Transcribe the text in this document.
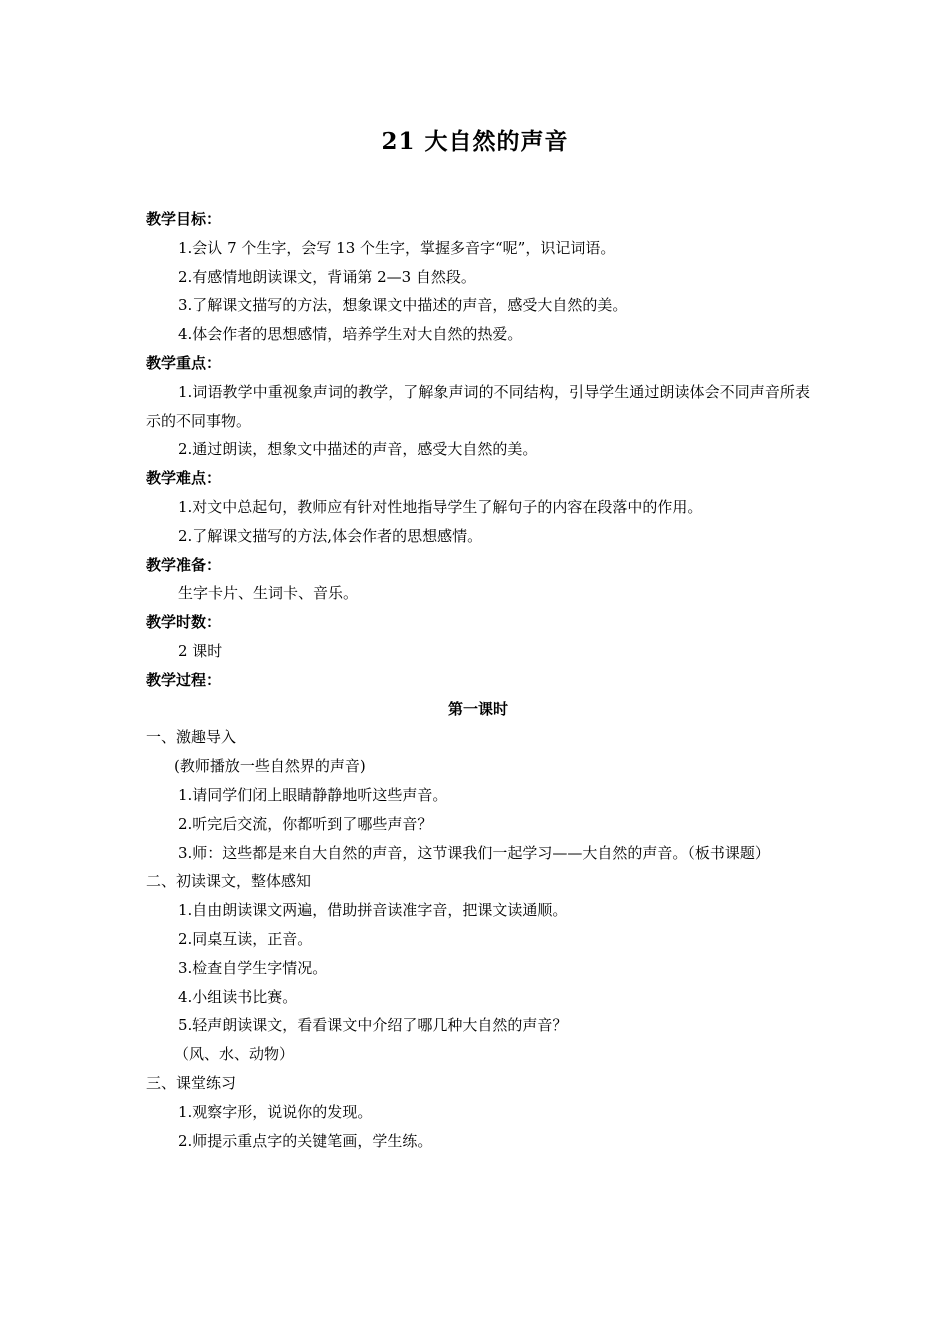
21 大自然的声音
教学目标：
1.会认 7 个生字，会写 13 个生字，掌握多音字“呢”，识记词语。
2.有感情地朗读课文，背诵第 2—3 自然段。
3.了解课文描写的方法，想象课文中描述的声音，感受大自然的美。
4.体会作者的思想感情，培养学生对大自然的热爱。
教学重点：
1.词语教学中重视象声词的教学，了解象声词的不同结构，引导学生通过朗读体会不同声音所表示的不同事物。
2.通过朗读，想象文中描述的声音，感受大自然的美。
教学难点：
1.对文中总起句，教师应有针对性地指导学生了解句子的内容在段落中的作用。
2.了解课文描写的方法,体会作者的思想感情。
教学准备：
生字卡片、生词卡、音乐。
教学时数：
2 课时
教学过程：
第一课时
一、激趣导入
(教师播放一些自然界的声音)
1.请同学们闭上眼睛静静地听这些声音。
2.听完后交流，你都听到了哪些声音？
3.师：这些都是来自大自然的声音，这节课我们一起学习——大自然的声音。（板书课题）
二、初读课文，整体感知
1.自由朗读课文两遍，借助拼音读准字音，把课文读通顺。
2.同桌互读，正音。
3.检查自学生字情况。
4.小组读书比赛。
5.轻声朗读课文，看看课文中介绍了哪几种大自然的声音？
（风、水、动物）
三、课堂练习
1.观察字形，说说你的发现。
2.师提示重点字的关键笔画，学生练。
